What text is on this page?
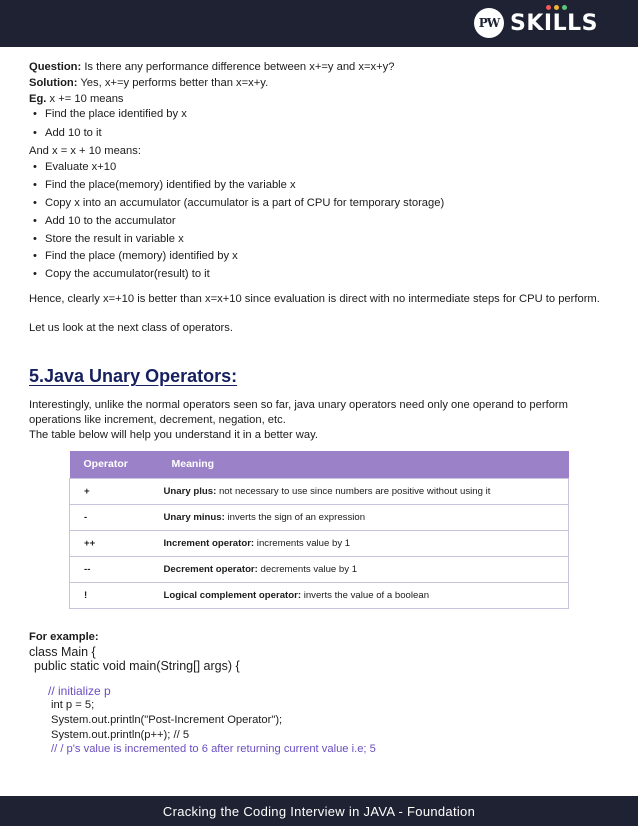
PW SKILLS
Question: Is there any performance difference between x+=y and x=x+y?
Solution: Yes, x+=y performs better than x=x+y.
Eg. x += 10 means
• Find the place identified by x
• Add 10 to it
And x = x + 10 means:
• Evaluate x+10
• Find the place(memory) identified by the variable x
• Copy x into an accumulator (accumulator is a part of CPU for temporary storage)
• Add 10 to the accumulator
• Store the result in variable x
• Find the place (memory) identified by x
• Copy the accumulator(result) to it
Hence, clearly x=+10 is better than x=x+10 since evaluation is direct with no intermediate steps for CPU to perform.
Let us look at the next class of operators.
5.Java Unary Operators:
Interestingly, unlike the normal operators seen so far, java unary operators need only one operand to perform operations like increment, decrement, negation, etc.
The table below will help you understand it in a better way.
Operator	Meaning
+	Unary plus: not necessary to use since numbers are positive without using it
-	Unary minus: inverts the sign of an expression
++	Increment operator: increments value by 1
--	Decrement operator: decrements value by 1
!	Logical complement operator: inverts the value of a boolean
For example:
class Main {
public static void main(String[] args) {
// initialize p
int p = 5;
System.out.println("Post-Increment Operator");
System.out.println(p++); // 5
// / p's value is incremented to 6 after returning current value i.e; 5
Cracking the Coding Interview in JAVA - Foundation
